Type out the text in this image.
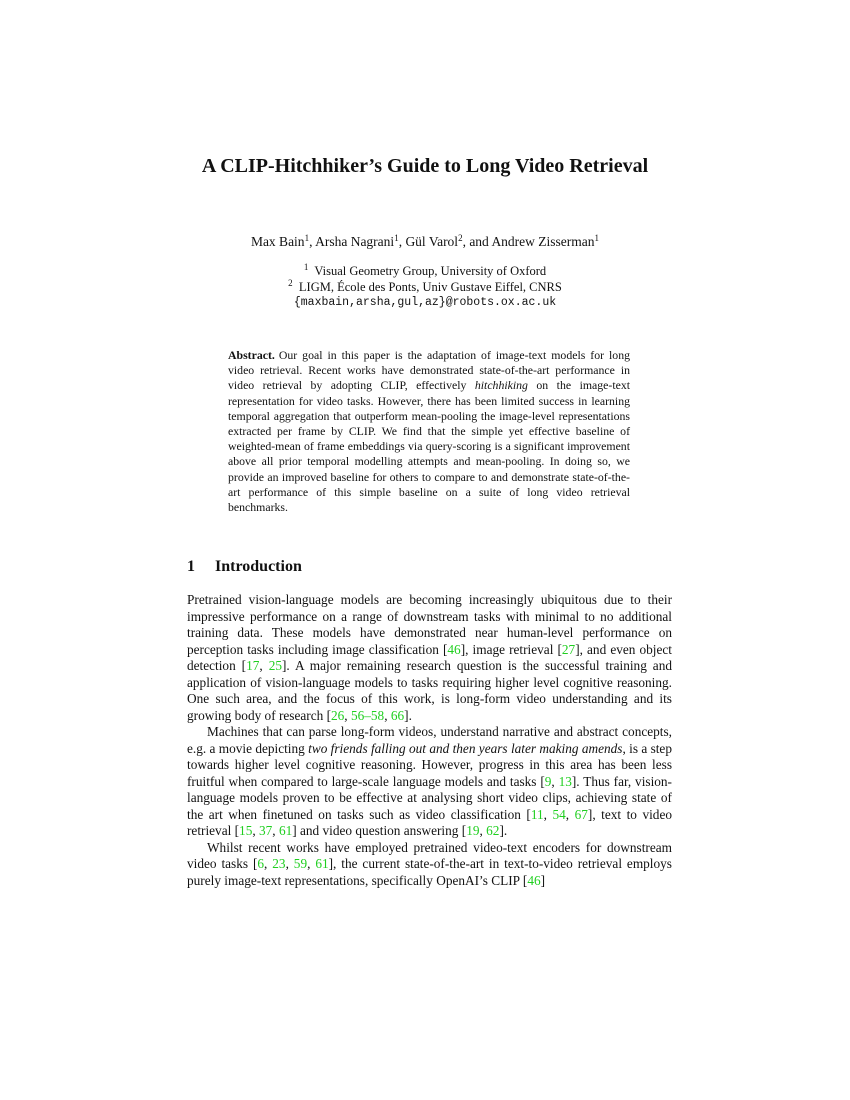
A CLIP-Hitchhiker’s Guide to Long Video Retrieval
Max Bain$^1$, Arsha Nagrani$^1$, Gül Varol$^2$, and Andrew Zisserman$^1$
$^1$ Visual Geometry Group, University of Oxford
$^2$ LIGM, École des Ponts, Univ Gustave Eiffel, CNRS
{maxbain,arsha,gul,az}@robots.ox.ac.uk
Abstract. Our goal in this paper is the adaptation of image-text models for long video retrieval. Recent works have demonstrated state-of-the-art performance in video retrieval by adopting CLIP, effectively hitchhiking on the image-text representation for video tasks. However, there has been limited success in learning temporal aggregation that outperform mean-pooling the image-level representations extracted per frame by CLIP. We find that the simple yet effective baseline of weighted-mean of frame embeddings via query-scoring is a significant improvement above all prior temporal modelling attempts and mean-pooling. In doing so, we provide an improved baseline for others to compare to and demonstrate state-of-the-art performance of this simple baseline on a suite of long video retrieval benchmarks.
1 Introduction

Pretrained vision-language models are becoming increasingly ubiquitous due to their impressive performance on a range of downstream tasks with minimal to no additional training data. These models have demonstrated near human-level performance on perception tasks including image classification [46], image retrieval [27], and even object detection [17, 25]. A major remaining research question is the successful training and application of vision-language models to tasks requiring higher level cognitive reasoning. One such area, and the focus of this work, is long-form video understanding and its growing body of research [26, 56–58, 66].

Machines that can parse long-form videos, understand narrative and abstract concepts, e.g. a movie depicting two friends falling out and then years later making amends, is a step towards higher level cognitive reasoning. However, progress in this area has been less fruitful when compared to large-scale language models and tasks [9, 13]. Thus far, vision-language models proven to be effective at analysing short video clips, achieving state of the art when finetuned on tasks such as video classification [11, 54, 67], text to video retrieval [15, 37, 61] and video question answering [19, 62].

Whilst recent works have employed pretrained video-text encoders for downstream video tasks [6, 23, 59, 61], the current state-of-the-art in text-to-video retrieval employs purely image-text representations, specifically OpenAI’s CLIP [46]
